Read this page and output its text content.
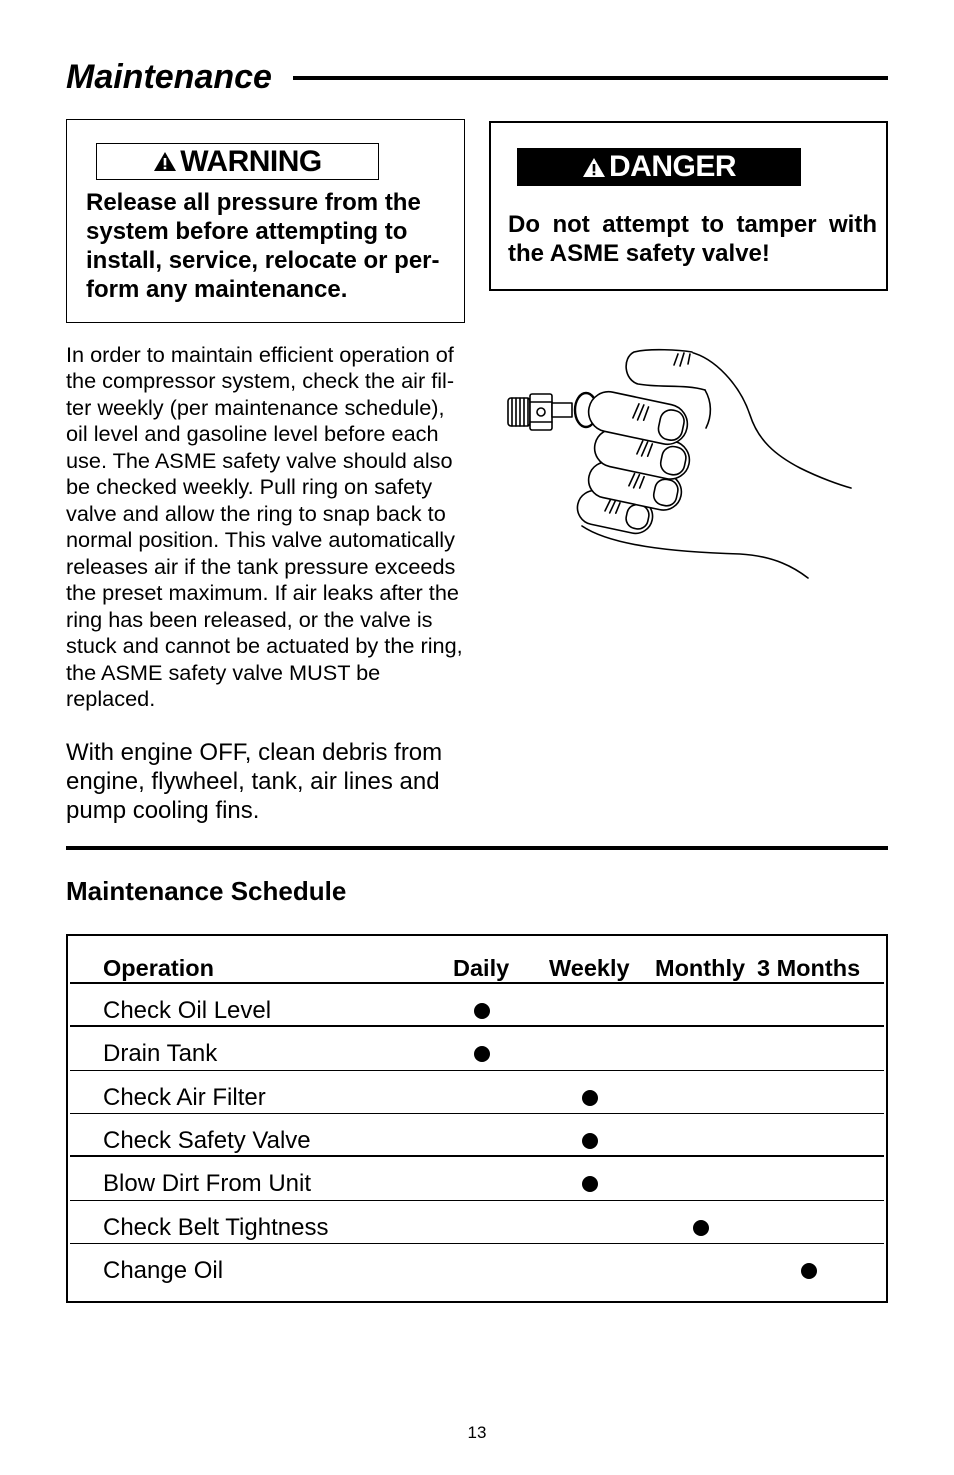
Maintenance
WARNING
Release all pressure from the
system before attempting to
install, service, relocate or per-
form any maintenance.
DANGER
Do not attempt to tamper with
the ASME safety valve!
In order to maintain efficient operation of
the compressor system, check the air fil-
ter weekly (per maintenance schedule),
oil level and gasoline level before each
use. The ASME safety valve should also
be checked weekly. Pull ring on safety
valve and allow the ring to snap back to
normal position. This valve automatically
releases air if the tank pressure exceeds
the preset maximum. If air leaks after the
ring has been released, or the valve is
stuck and cannot be actuated by the ring,
the ASME safety valve MUST be
replaced.
With engine OFF, clean debris from
engine, flywheel, tank, air lines and
pump cooling fins.
Maintenance Schedule
Operation	Daily Weekly Monthly 3 Months
Check Oil Level
Drain Tank
Check Air Filter
Check Safety Valve
Blow Dirt From Unit
Check Belt Tightness
Change Oil
13
